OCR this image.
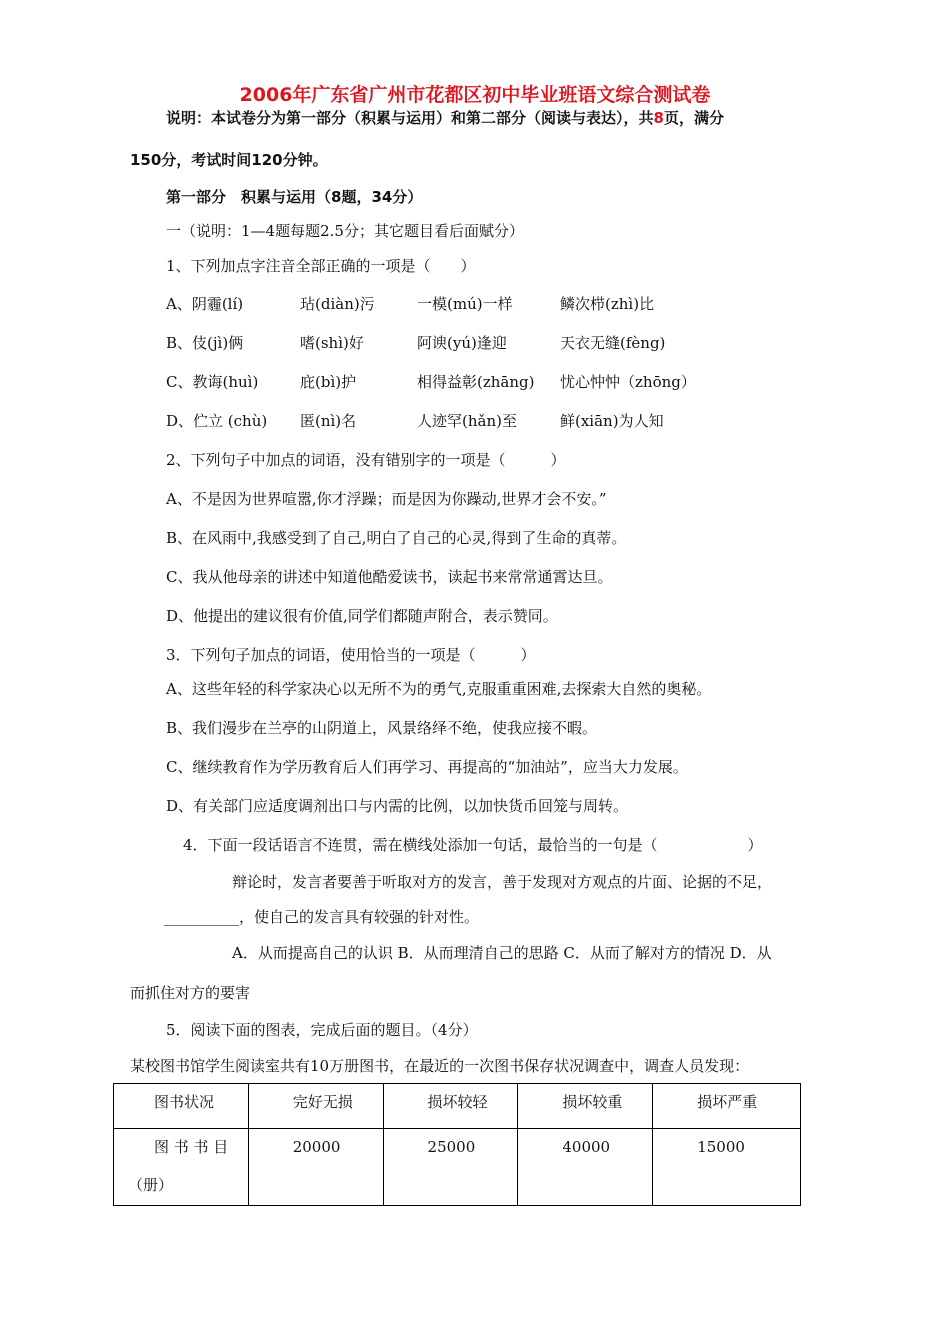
2006年广东省广州市花都区初中毕业班语文综合测试卷
说明：本试卷分为第一部分（积累与运用）和第二部分（阅读与表达），共8页，满分
150分，考试时间120分钟。
第一部分　积累与运用（8题，34分）
一（说明：1—4题每题2.5分；其它题目看后面赋分）
1、下列加点字注音全部正确的一项是（　　）
A、阴霾(lí)	玷(diàn)污	一模(mú)一样	鳞次栉(zhì)比
B、伎(jì)俩	嗜(shì)好	阿谀(yú)逢迎	天衣无缝(fèng)
C、教诲(huì)	庇(bì)护	相得益彰(zhāng) 忧心忡忡（zhōng）
D、伫立 (chù) 匿(nì)名	人迹罕(hǎn)至	鲜(xiān)为人知
2、下列句子中加点的词语，没有错别字的一项是（　　　）
A、不是因为世界喧嚣,你才浮躁；而是因为你躁动,世界才会不安。”
B、在风雨中,我感受到了自己,明白了自己的心灵,得到了生命的真蒂。
C、我从他母亲的讲述中知道他酷爱读书，读起书来常常通霄达旦。
D、他提出的建议很有价值,同学们都随声附合，表示赞同。
3．下列句子加点的词语，使用恰当的一项是（　　　）
A、这些年轻的科学家决心以无所不为的勇气,克服重重困难,去探索大自然的奥秘。
B、我们漫步在兰亭的山阴道上，风景络绎不绝，使我应接不暇。
C、继续教育作为学历教育后人们再学习、再提高的“加油站”，应当大力发展。
D、有关部门应适度调剂出口与内需的比例，以加快货币回笼与周转。
4．下面一段话语言不连贯，需在横线处添加一句话，最恰当的一句是（　　　　　　）
辩论时，发言者要善于听取对方的发言，善于发现对方观点的片面、论据的不足，
__________，使自己的发言具有较强的针对性。
A．从而提高自己的认识 B．从而理清自己的思路 C．从而了解对方的情况 D．从
而抓住对方的要害
5．阅读下面的图表，完成后面的题目。（4分）
某校图书馆学生阅读室共有10万册图书，在最近的一次图书保存状况调查中，调查人员发现：
图书状况	完好无损	损坏较轻	损坏较重	损坏严重

图 书 书 目
（册）	20000	25000	40000	15000
